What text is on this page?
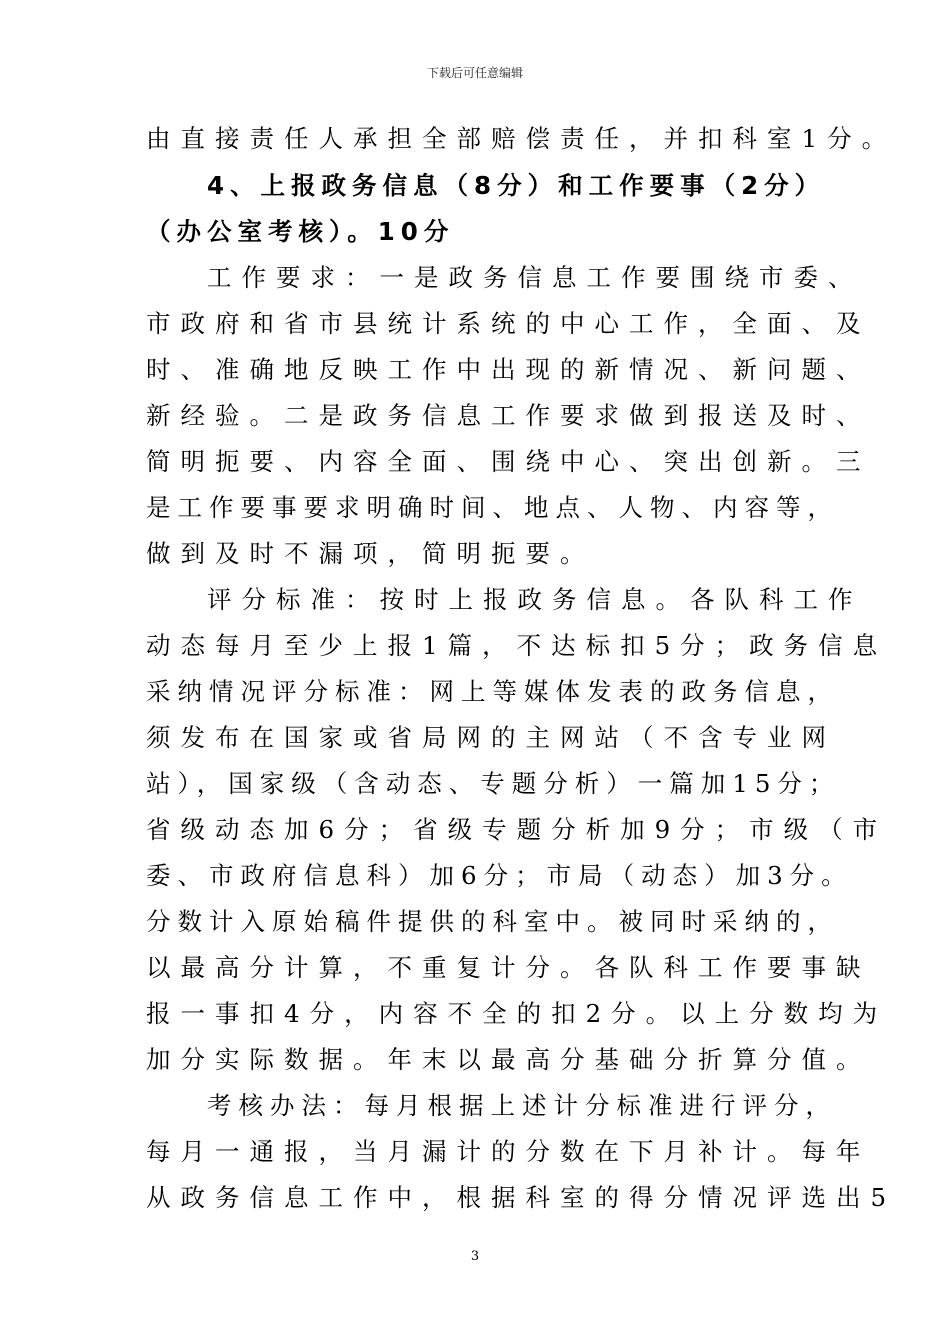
下载后可任意编辑
由直接责任人承担全部赔偿责任，并扣科室1分。
4、上报政务信息（8分）和工作要事（2分）
（办公室考核）。10分
工作要求：一是政务信息工作要围绕市委、
市政府和省市县统计系统的中心工作，全面、及
时、准确地反映工作中出现的新情况、新问题、
新经验。二是政务信息工作要求做到报送及时、
简明扼要、内容全面、围绕中心、突出创新。三
是工作要事要求明确时间、地点、人物、内容等，
做到及时不漏项，简明扼要。
评分标准：按时上报政务信息。各队科工作
动态每月至少上报1篇，不达标扣5分；政务信息
采纳情况评分标准：网上等媒体发表的政务信息，
须发布在国家或省局网的主网站（不含专业网
站），国家级（含动态、专题分析）一篇加15分；
省级动态加6分；省级专题分析加9分；市级（市
委、市政府信息科）加6分；市局（动态）加3分。
分数计入原始稿件提供的科室中。被同时采纳的，
以最高分计算，不重复计分。各队科工作要事缺
报一事扣4分，内容不全的扣2分。以上分数均为
加分实际数据。年末以最高分基础分折算分值。
考核办法：每月根据上述计分标准进行评分，
每月一通报，当月漏计的分数在下月补计。每年
从政务信息工作中，根据科室的得分情况评选出5
3
